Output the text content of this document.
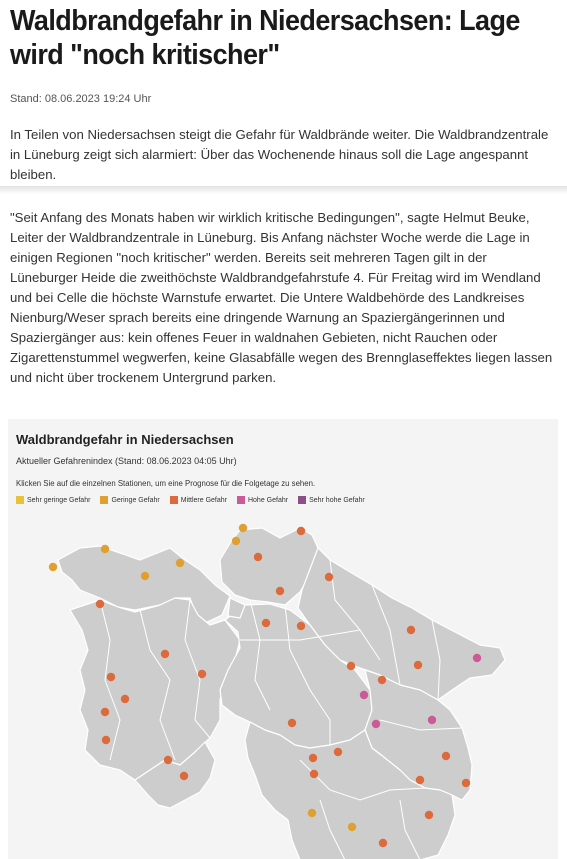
Waldbrandgefahr in Niedersachsen: Lage wird "noch kritischer"
Stand: 08.06.2023 19:24 Uhr
In Teilen von Niedersachsen steigt die Gefahr für Waldbrände weiter. Die Waldbrandzentrale in Lüneburg zeigt sich alarmiert: Über das Wochenende hinaus soll die Lage angespannt bleiben.
"Seit Anfang des Monats haben wir wirklich kritische Bedingungen", sagte Helmut Beuke, Leiter der Waldbrandzentrale in Lüneburg. Bis Anfang nächster Woche werde die Lage in einigen Regionen "noch kritischer" werden. Bereits seit mehreren Tagen gilt in der Lüneburger Heide die zweithöchste Waldbrandgefahrstufe 4. Für Freitag wird im Wendland und bei Celle die höchste Warnstufe erwartet. Die Untere Waldbehörde des Landkreises Nienburg/Weser sprach bereits eine dringende Warnung an Spaziergängerinnen und Spaziergänger aus: kein offenes Feuer in waldnahen Gebieten, nicht Rauchen oder Zigarettenstummel wegwerfen, keine Glasabfälle wegen des Brennglaseffektes liegen lassen und nicht über trockenem Untergrund parken.
Waldbrandgefahr in Niedersachsen
Aktueller Gefahrenindex (Stand: 08.06.2023 04:05 Uhr)
Klicken Sie auf die einzelnen Stationen, um eine Prognose für die Folgetage zu sehen.
Sehr geringe Gefahr	Geringe Gefahr	Mittlere Gefahr	Hohe Gefahr	Sehr hohe Gefahr
